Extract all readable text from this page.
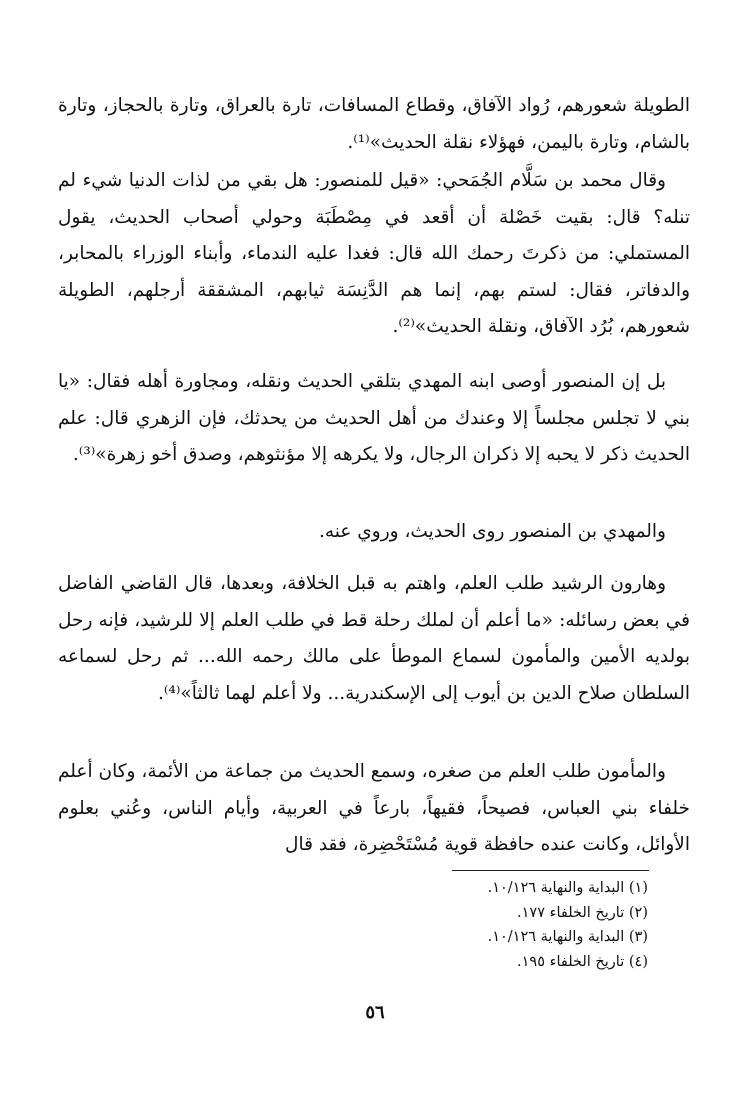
الطويلة شعورهم، رُواد الآفاق، وقطاع المسافات، تارة بالعراق، وتارة بالحجاز، وتارة بالشام، وتارة باليمن، فهؤلاء نقلة الحديث»⁽¹⁾.

وقال محمد بن سَلَّام الجُمَحي: «قيل للمنصور: هل بقي من لذات الدنيا شيء لم تنله؟ قال: بقيت خَصْلة أن أقعد في مِصْطَبَة وحولي أصحاب الحديث، يقول المستملي: من ذكرتَ رحمك الله قال: فغدا عليه الندماء، وأبناء الوزراء بالمحابر، والدفاتر، فقال: لستم بهم، إنما هم الدَّنِسَة ثيابهم، المشققة أرجلهم، الطويلة شعورهم، بُرُد الآفاق، ونقلة الحديث»⁽²⁾.

بل إن المنصور أوصى ابنه المهدي بتلقي الحديث ونقله، ومجاورة أهله فقال: «يا بني لا تجلس مجلساً إلا وعندك من أهل الحديث من يحدثك، فإن الزهري قال: علم الحديث ذكر لا يحبه إلا ذكران الرجال، ولا يكرهه إلا مؤنثوهم، وصدق أخو زهرة»⁽³⁾.

والمهدي بن المنصور روى الحديث، وروي عنه.

وهارون الرشيد طلب العلم، واهتم به قبل الخلافة، وبعدها، قال القاضي الفاضل في بعض رسائله: «ما أعلم أن لملك رحلة قط في طلب العلم إلا للرشيد، فإنه رحل بولديه الأمين والمأمون لسماع الموطأ على مالك رحمه الله... ثم رحل لسماعه السلطان صلاح الدين بن أيوب إلى الإسكندرية... ولا أعلم لهما ثالثاً»⁽⁴⁾.

والمأمون طلب العلم من صغره، وسمع الحديث من جماعة من الأئمة، وكان أعلم خلفاء بني العباس، فصيحاً، فقيهاً، بارعاً في العربية، وأيام الناس، وعُني بعلوم الأوائل، وكانت عنده حافظة قوية مُسْتَحْضِرة، فقد قال

(١) البداية والنهاية ١٠/١٢٦.
(٢) تاريخ الخلفاء ١٧٧.
(٣) البداية والنهاية ١٠/١٢٦.
(٤) تاريخ الخلفاء ١٩٥.
٥٦
